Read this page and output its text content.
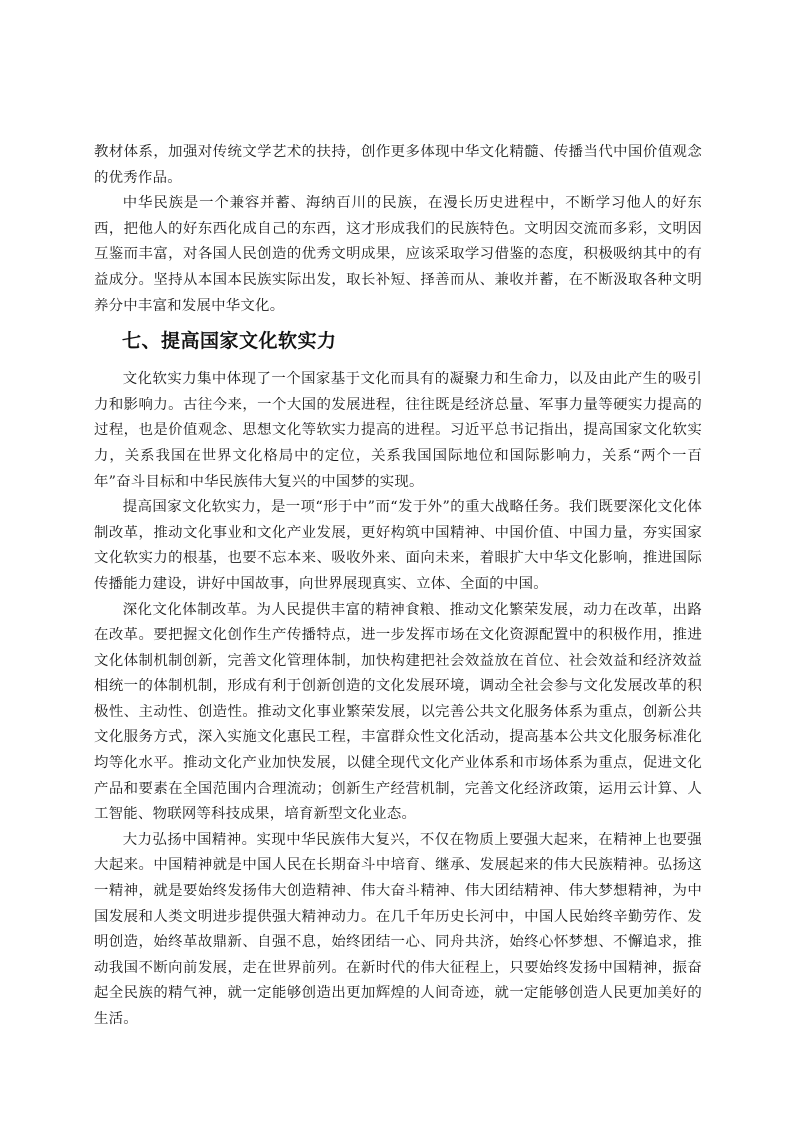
教材体系，加强对传统文学艺术的扶持，创作更多体现中华文化精髓、传播当代中国价值观念的优秀作品。

中华民族是一个兼容并蓄、海纳百川的民族，在漫长历史进程中，不断学习他人的好东西，把他人的好东西化成自己的东西，这才形成我们的民族特色。文明因交流而多彩，文明因互鉴而丰富，对各国人民创造的优秀文明成果，应该采取学习借鉴的态度，积极吸纳其中的有益成分。坚持从本国本民族实际出发，取长补短、择善而从、兼收并蓄，在不断汲取各种文明养分中丰富和发展中华文化。

七、提高国家文化软实力

文化软实力集中体现了一个国家基于文化而具有的凝聚力和生命力，以及由此产生的吸引力和影响力。古往今来，一个大国的发展进程，往往既是经济总量、军事力量等硬实力提高的过程，也是价值观念、思想文化等软实力提高的进程。习近平总书记指出，提高国家文化软实力，关系我国在世界文化格局中的定位，关系我国国际地位和国际影响力，关系“两个一百年”奋斗目标和中华民族伟大复兴的中国梦的实现。

提高国家文化软实力，是一项“形于中”而“发于外”的重大战略任务。我们既要深化文化体制改革，推动文化事业和文化产业发展，更好构筑中国精神、中国价值、中国力量，夯实国家文化软实力的根基，也要不忘本来、吸收外来、面向未来，着眼扩大中华文化影响，推进国际传播能力建设，讲好中国故事，向世界展现真实、立体、全面的中国。

深化文化体制改革。为人民提供丰富的精神食粮、推动文化繁荣发展，动力在改革，出路在改革。要把握文化创作生产传播特点，进一步发挥市场在文化资源配置中的积极作用，推进文化体制机制创新，完善文化管理体制，加快构建把社会效益放在首位、社会效益和经济效益相统一的体制机制，形成有利于创新创造的文化发展环境，调动全社会参与文化发展改革的积极性、主动性、创造性。推动文化事业繁荣发展，以完善公共文化服务体系为重点，创新公共文化服务方式，深入实施文化惠民工程，丰富群众性文化活动，提高基本公共文化服务标准化均等化水平。推动文化产业加快发展，以健全现代文化产业体系和市场体系为重点，促进文化产品和要素在全国范围内合理流动；创新生产经营机制，完善文化经济政策，运用云计算、人工智能、物联网等科技成果，培育新型文化业态。

大力弘扬中国精神。实现中华民族伟大复兴，不仅在物质上要强大起来，在精神上也要强大起来。中国精神就是中国人民在长期奋斗中培育、继承、发展起来的伟大民族精神。弘扬这一精神，就是要始终发扬伟大创造精神、伟大奋斗精神、伟大团结精神、伟大梦想精神，为中国发展和人类文明进步提供强大精神动力。在几千年历史长河中，中国人民始终辛勤劳作、发明创造，始终革故鼎新、自强不息，始终团结一心、同舟共济，始终心怀梦想、不懈追求，推动我国不断向前发展，走在世界前列。在新时代的伟大征程上，只要始终发扬中国精神，振奋起全民族的精气神，就一定能够创造出更加辉煌的人间奇迹，就一定能够创造人民更加美好的生活。
